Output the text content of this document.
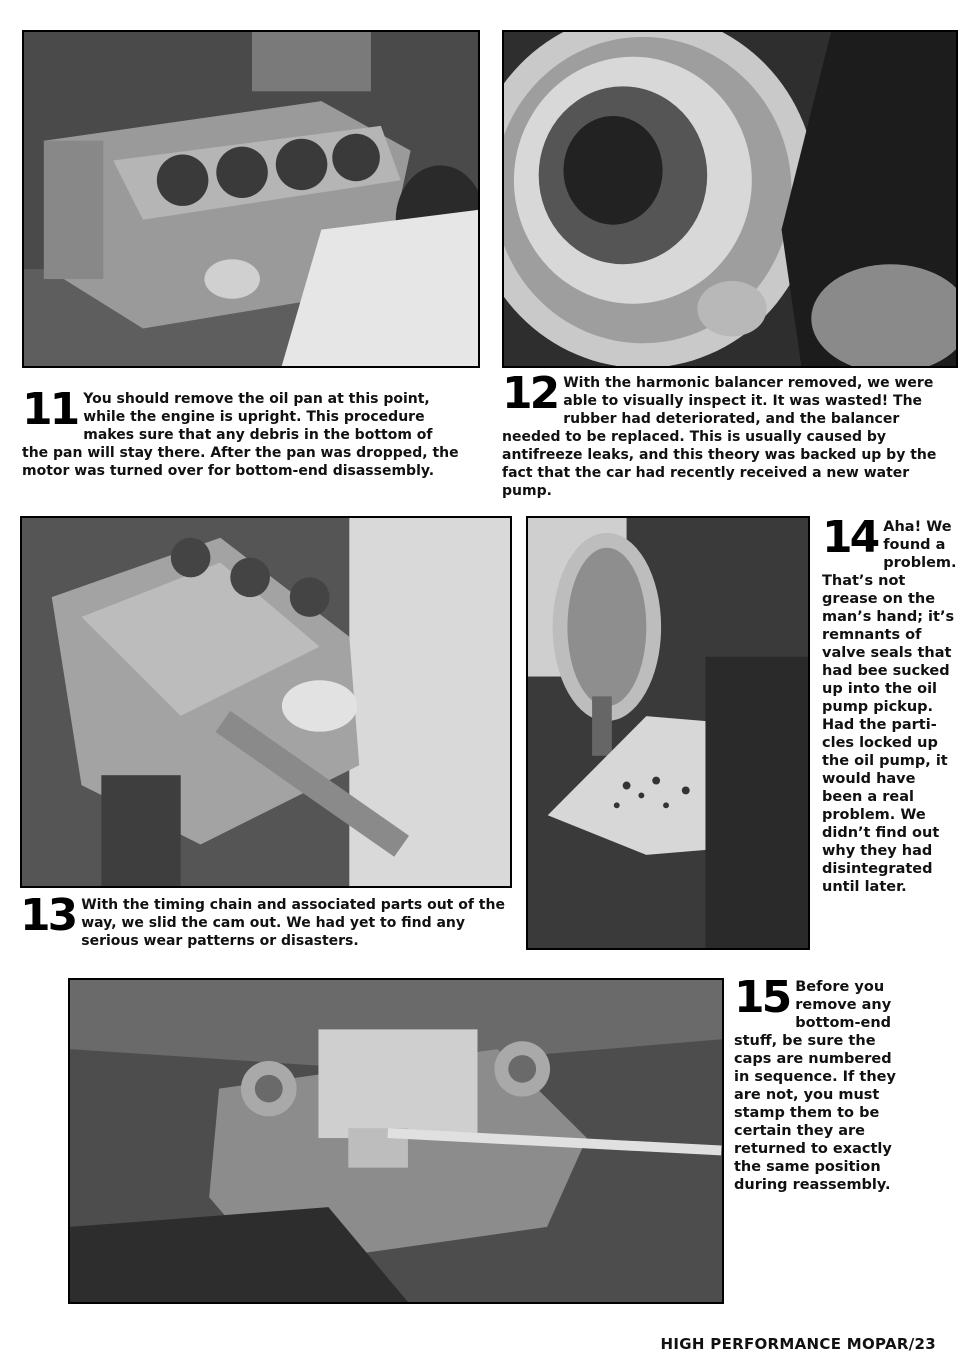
11 You should remove the oil pan at this point, while the engine is upright. This procedure makes sure that any debris in the bottom of the pan will stay there. After the pan was dropped, the motor was turned over for bottom-end disassembly.
12 With the harmonic balancer removed, we were able to visually inspect it. It was wasted! The rubber had deteriorated, and the balancer needed to be replaced. This is usually caused by antifreeze leaks, and this theory was backed up by the fact that the car had recently received a new water pump.
13 With the timing chain and associated parts out of the way, we slid the cam out. We had yet to find any serious wear patterns or disasters.
14 Aha! We found a problem. That’s not grease on the man’s hand; it’s remnants of valve seals that had bee sucked up into the oil pump pickup. Had the parti-cles locked up the oil pump, it would have been a real problem. We didn’t find out why they had disintegrated until later.
15 Before you remove any bottom-end stuff, be sure the caps are numbered in sequence. If they are not, you must stamp them to be certain they are returned to exactly the same position during reassembly.
HIGH PERFORMANCE MOPAR/23
